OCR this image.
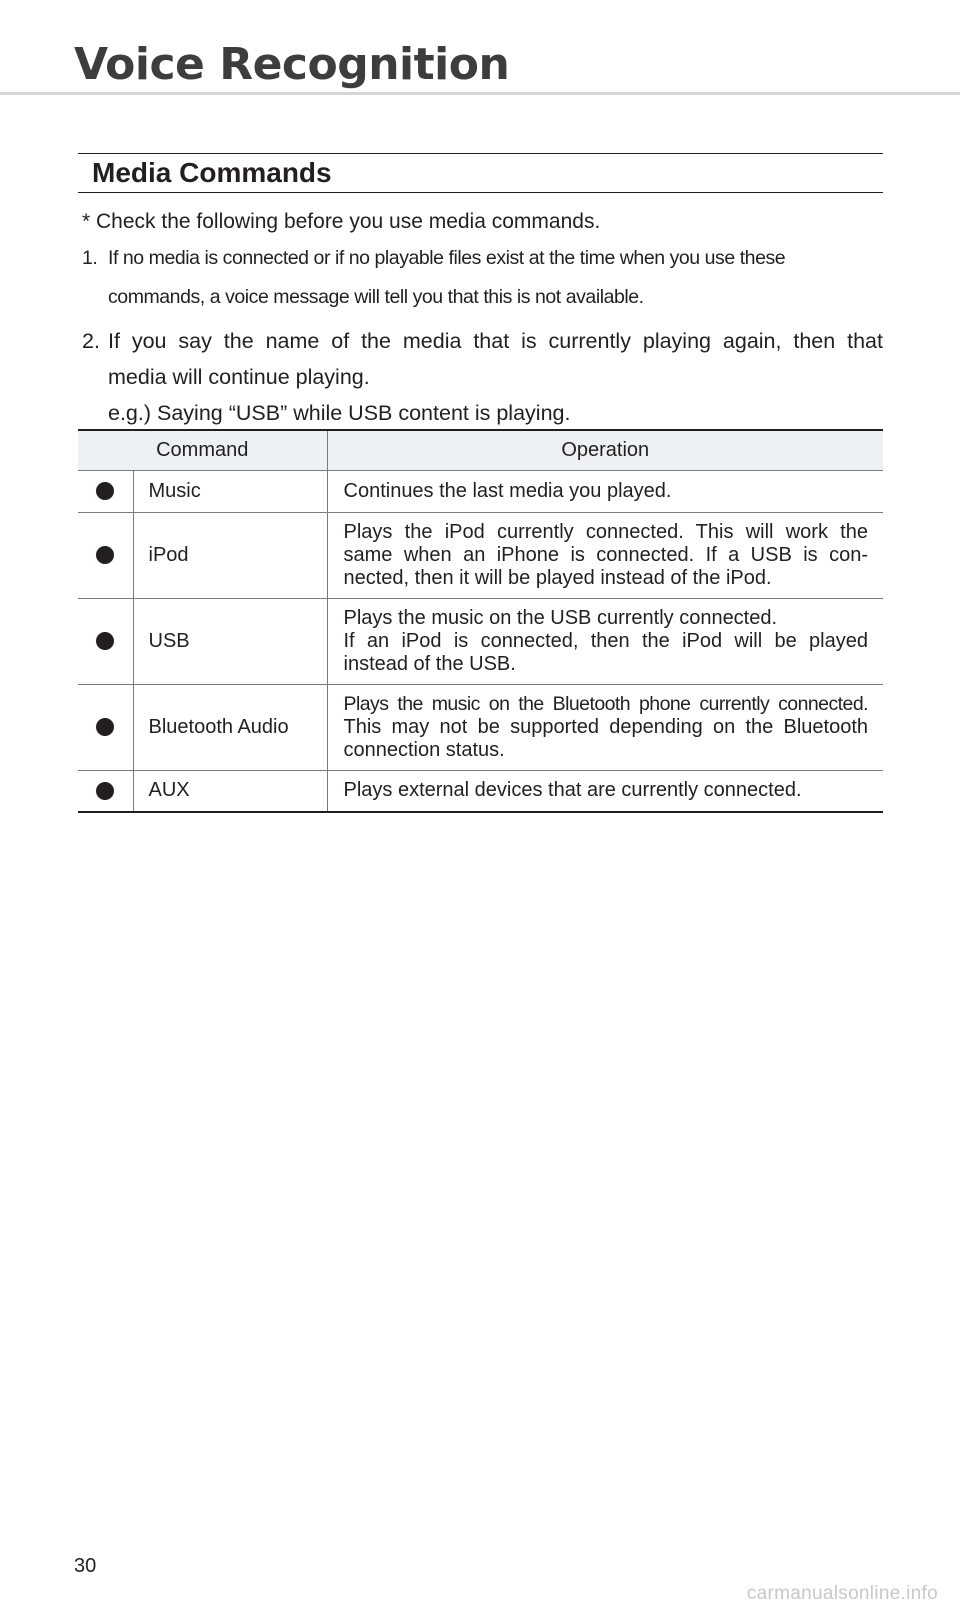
Voice Recognition
Media Commands
* Check the following before you use media commands.
1. If no media is connected or if no playable files exist at the time when you use these
commands, a voice message will tell you that this is not available.
2. If you say the name of the media that is currently playing again, then that
media will continue playing.
e.g.) Saying “USB” while USB content is playing.
Command		Operation
	Music	Continues the last media you played.
	iPod	Plays the iPod currently connected. This will work the
same when an iPhone is connected. If a USB is con-
nected, then it will be played instead of the iPod.

	USB	Plays the music on the USB currently connected.
If an iPod is connected, then the iPod will be played
instead of the USB.

	Bluetooth Audio	Plays the music on the Bluetooth phone currently connected.
This may not be supported depending on the Bluetooth
connection status.

	AUX	Plays external devices that are currently connected.
30
carmanualsonline.info
